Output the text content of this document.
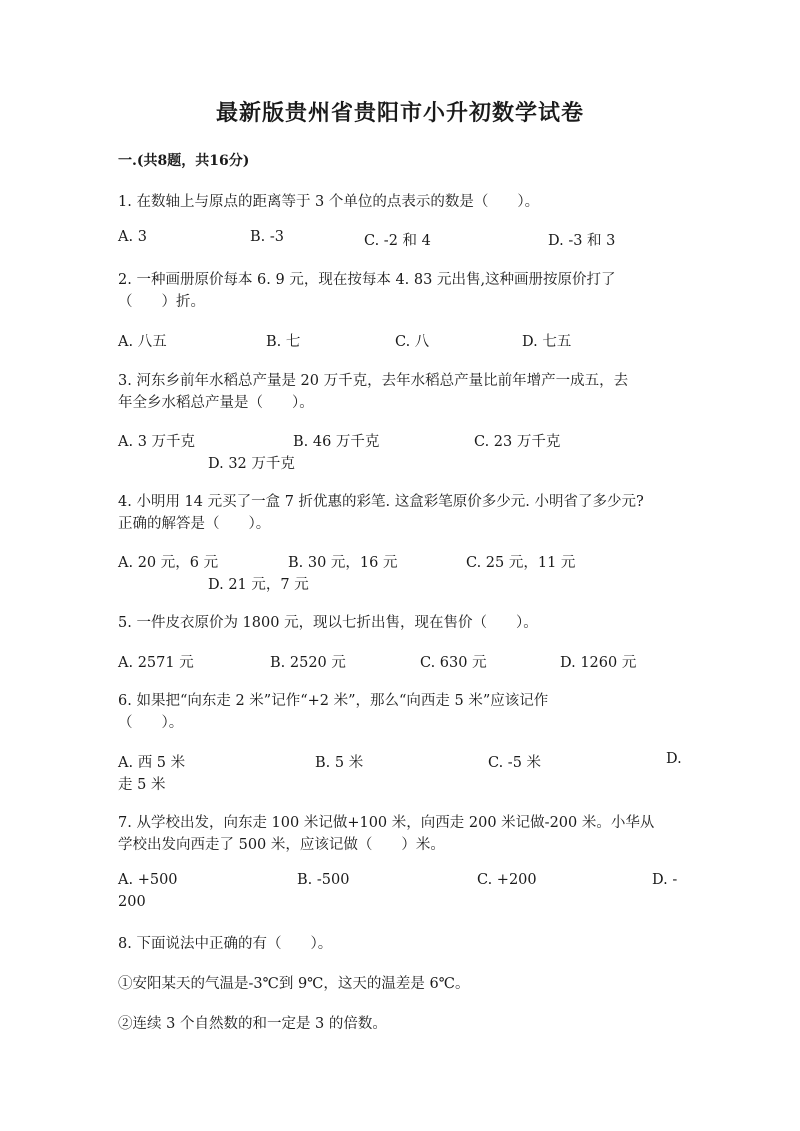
最新版贵州省贵阳市小升初数学试卷

一.(共8题，共16分)

1. 在数轴上与原点的距离等于 3 个单位的点表示的数是（　　）。

A. 3	B. -3	C. -2 和 4	D. -3 和 3

2. 一种画册原价每本 6. 9 元，现在按每本 4. 83 元出售,这种画册按原价打了

（　　）折。

A. 八五	B. 七	C. 八	D. 七五

3. 河东乡前年水稻总产量是 20 万千克，去年水稻总产量比前年增产一成五，去

年全乡水稻总产量是（　　）。

A. 3 万千克	B. 46 万千克	C. 23 万千克
D. 32 万千克

4. 小明用 14 元买了一盒 7 折优惠的彩笔. 这盒彩笔原价多少元. 小明省了多少元?

正确的解答是（　　）。

A. 20 元，6 元	B. 30 元，16 元	C. 25 元，11 元
D. 21 元，7 元

5. 一件皮衣原价为 1800 元，现以七折出售，现在售价（　　）。

A. 2571 元	B. 2520 元	C. 630 元	D. 1260 元

6. 如果把“向东走 2 米”记作“+2 米”，那么“向西走 5 米”应该记作

（　　）。

A. 西 5 米	B. 5 米	C. -5 米	D.
走 5 米

7. 从学校出发，向东走 100 米记做+100 米，向西走 200 米记做-200 米。小华从

学校出发向西走了 500 米，应该记做（　　）米。

A. +500	B. -500	C. +200	D. -
200

8. 下面说法中正确的有（　　）。

①安阳某天的气温是-3℃到 9℃，这天的温差是 6℃。

②连续 3 个自然数的和一定是 3 的倍数。
